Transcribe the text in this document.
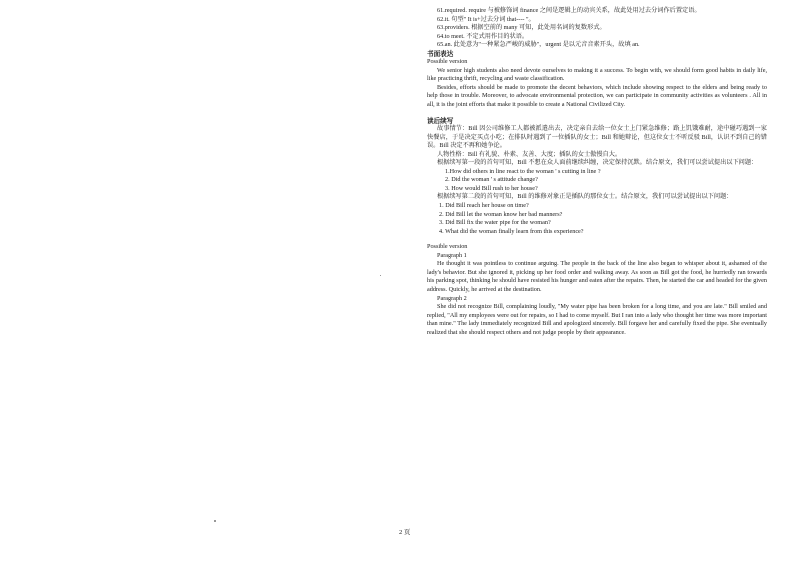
61.required. require 与被修饰词 finance 之间是逻辑上的动宾关系，故此处用过去分词作后置定语。

62.it. 句型" It is+过去分词 that---- "。

63.providers. 根据空前的 many 可知，此处用名词的复数形式。

64.to meet. 不定式用作目的状语。

65.an. 此处意为"一种紧急严峻的威胁"，urgent 是以元音音素开头，故填 an.

书面表达

Possible version

We senior high students also need devote ourselves to making it a success. To begin with, we should form good habits in daily life, like practicing thrift, recycling and waste classification.

Besides, efforts should be made to promote the decent behaviors, which include showing respect to the elders and being ready to help those in trouble. Moreover, to advocate environmental protection, we can participate in community activities as volunteers . All in all, it is the joint efforts that make it possible to create a National Civilized City.

读后续写

故事情节：Bill 因公司维修工人都被派遣出去，决定亲自去给一位女士上门紧急维修；路上饥饿难耐，途中碰巧遇到一家快餐店，于是决定买点小吃；在排队时遇到了一位插队的女士；Bill 和她辩论，但这位女士不听反驳 Bill，认识不到自己的错误。Bill 决定不再和她争论。

人物性格：Bill 有礼貌、朴素、友善、大度；插队的女士傲慢自大。

根据续写第一段的首句可知，Bill 不想在众人面前继续纠缠，决定保持沉默。结合原文，我们可以尝试提出以下问题：

1.How did others in line react to the woman ' s cutting in line ?

2. Did the woman ' s attitude change?

3. How would Bill rush to her house?

根据续写第二段的首句可知，Bill 的维修对象正是插队的那位女士。结合原文，我们可以尝试提出以下问题：

1. Did Bill reach her house on time?

2. Did Bill let the woman know her bad manners?

3. Did Bill fix the water pipe for the woman?

4. What did the woman finally learn from this experience?

Possible version

Paragraph 1

He thought it was pointless to continue arguing. The people in the back of the line also began to whisper about it, ashamed of the lady's behavior. But she ignored it, picking up her food order and walking away. As soon as Bill got the food, he hurriedly ran towards his parking spot, thinking he should have resisted his hunger and eaten after the repairs. Then, he started the car and headed for the given address. Quickly, he arrived at the destination.

Paragraph 2

She did not recognize Bill, complaining loudly, "My water pipe has been broken for a long time, and you are late." Bill smiled and replied, "All my employees were out for repairs, so I had to come myself. But I ran into a lady who thought her time was more important than mine." The lady immediately recognized Bill and apologized sincerely. Bill forgave her and carefully fixed the pipe. She eventually realized that she should respect others and not judge people by their appearance.

2 页
